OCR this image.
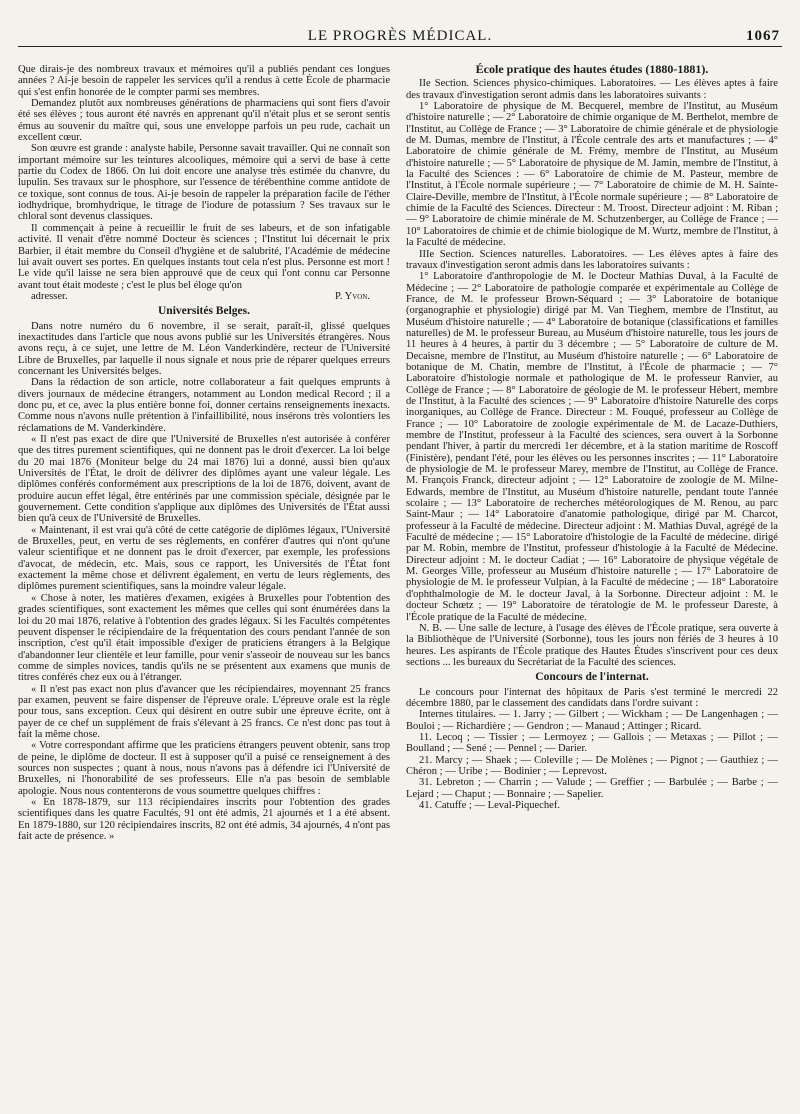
LE PROGRÈS MÉDICAL.	1067

Que dirais-je des nombreux travaux et mémoires qu'il a publiés pendant ces longues années ? Ai-je besoin de rappeler les services qu'il a rendus à cette École de pharmacie qui s'est enfin honorée de le compter parmi ses membres.

Demandez plutôt aux nombreuses générations de pharmaciens qui sont fiers d'avoir été ses élèves ; tous auront été navrés en apprenant qu'il n'était plus et se seront sentis émus au souvenir du maître qui, sous une enveloppe parfois un peu rude, cachait un excellent cœur.

Son œuvre est grande : analyste habile, Personne savait travailler. Qui ne connaît son important mémoire sur les teintures alcooliques, mémoire qui a servi de base à cette partie du Codex de 1866. On lui doit encore une analyse très estimée du chanvre, du lupulin. Ses travaux sur le phosphore, sur l'essence de térébenthine comme antidote de ce toxique, sont connus de tous. Ai-je besoin de rappeler la préparation facile de l'éther iodhydrique, bromhydrique, le titrage de l'iodure de potassium ? Ses travaux sur le chloral sont devenus classiques.

Il commençait à peine à recueillir le fruit de ses labeurs, et de son infatigable activité. Il venait d'être nommé Docteur ès sciences ; l'Institut lui décernait le prix Barbier, il était membre du Conseil d'hygiène et de salubrité, l'Académie de médecine lui avait ouvert ses portes. En quelques instants tout cela n'est plus. Personne est mort ! Le vide qu'il laisse ne sera bien approuvé que de ceux qui l'ont connu car Personne avant tout était modeste ; c'est le plus bel éloge qu'on

adresser.	P. Yvon.
Universités Belges.

Dans notre numéro du 6 novembre, il se serait, paraît-il, glissé quelques inexactitudes dans l'article que nous avons publié sur les Universités étrangères. Nous avons reçu, à ce sujet, une lettre de M. Léon Vanderkindère, recteur de l'Université Libre de Bruxelles, par laquelle il nous signale et nous prie de réparer quelques erreurs concernant les Universités belges.

Dans la rédaction de son article, notre collaborateur a fait quelques emprunts à divers journaux de médecine étrangers, notamment au London medical Record ; il a donc pu, et ce, avec la plus entière bonne foi, donner certains renseignements inexacts. Comme nous n'avons nulle prétention à l'infaillibilité, nous insérons très volontiers les réclamations de M. Vanderkindère.

« Il n'est pas exact de dire que l'Université de Bruxelles n'est autorisée à conférer que des titres purement scientifiques, qui ne donnent pas le droit d'exercer. La loi belge du 20 mai 1876 (Moniteur belge du 24 mai 1876) lui a donné, aussi bien qu'aux Universités de l'État, le droit de délivrer des diplômes ayant une valeur légale. Les diplômes conférés conformément aux prescriptions de la loi de 1876, doivent, avant de produire aucun effet légal, être entérinés par une commission spéciale, désignée par le gouvernement. Cette condition s'applique aux diplômes des Universités de l'État aussi bien qu'à ceux de l'Université de Bruxelles.

« Maintenant, il est vrai qu'à côté de cette catégorie de diplômes légaux, l'Université de Bruxelles, peut, en vertu de ses règlements, en conférer d'autres qui n'ont qu'une valeur scientifique et ne donnent pas le droit d'exercer, par exemple, les professions d'avocat, de médecin, etc. Mais, sous ce rapport, les Universités de l'État font exactement la même chose et délivrent également, en vertu de leurs règlements, des diplômes purement scientifiques, sans la moindre valeur légale.

« Chose à noter, les matières d'examen, exigées à Bruxelles pour l'obtention des grades scientifiques, sont exactement les mêmes que celles qui sont énumérées dans la loi du 20 mai 1876, relative à l'obtention des grades légaux. Si les Facultés compétentes peuvent dispenser le récipiendaire de la fréquentation des cours pendant l'année de son inscription, c'est qu'il était impossible d'exiger de praticiens étrangers à la Belgique d'abandonner leur clientèle et leur famille, pour venir s'asseoir de nouveau sur les bancs comme de simples novices, tandis qu'ils ne se présentent aux examens que munis de titres conférés chez eux ou à l'étranger.

« Il n'est pas exact non plus d'avancer que les récipiendaires, moyennant 25 francs par examen, peuvent se faire dispenser de l'épreuve orale. L'épreuve orale est la règle pour tous, sans exception. Ceux qui désirent en outre subir une épreuve écrite, ont à payer de ce chef un supplément de frais s'élevant à 25 francs. Ce n'est donc pas tout à fait la même chose.

« Votre correspondant affirme que les praticiens étrangers peuvent obtenir, sans trop de peine, le diplôme de docteur. Il est à supposer qu'il a puisé ce renseignement à des sources non suspectes ; quant à nous, nous n'avons pas à défendre ici l'Université de Bruxelles, ni l'honorabilité de ses professeurs. Elle n'a pas besoin de semblable apologie. Nous nous contenterons de vous soumettre quelques chiffres :

« En 1878-1879, sur 113 récipiendaires inscrits pour l'obtention des grades scientifiques dans les quatre Facultés, 91 ont été admis, 21 ajournés et 1 a été absent. En 1879-1880, sur 120 récipiendaires inscrits, 82 ont été admis, 34 ajournés, 4 n'ont pas fait acte de présence. »

École pratique des hautes études (1880-1881).

IIe Section. Sciences physico-chimiques. Laboratoires. — Les élèves aptes à faire des travaux d'investigation seront admis dans les laboratoires suivants :

1° Laboratoire de physique de M. Becquerel, membre de l'Institut, au Muséum d'histoire naturelle ; — 2° Laboratoire de chimie organique de M. Berthelot, membre de l'Institut, au Collège de France ; — 3° Laboratoire de chimie générale et de physiologie de M. Dumas, membre de l'Institut, à l'École centrale des arts et manufactures ; — 4° Laboratoire de chimie générale de M. Frémy, membre de l'Institut, au Muséum d'histoire naturelle ; — 5° Laboratoire de physique de M. Jamin, membre de l'Institut, à la Faculté des Sciences : — 6° Laboratoire de chimie de M. Pasteur, membre de l'Institut, à l'École normale supérieure ; — 7° Laboratoire de chimie de M. H. Sainte-Claire-Deville, membre de l'Institut, à l'École normale supérieure ; — 8° Laboratoire de chimie de la Faculté des Sciences. Directeur : M. Troost. Directeur adjoint : M. Riban ; — 9° Laboratoire de chimie minérale de M. Schutzenberger, au Collège de France ; — 10° Laboratoires de chimie et de chimie biologique de M. Wurtz, membre de l'Institut, à la Faculté de médecine.

IIIe Section. Sciences naturelles. Laboratoires. — Les élèves aptes à faire des travaux d'investigation seront admis dans les laboratoires suivants :

1° Laboratoire d'anthropologie de M. le Docteur Mathias Duval, à la Faculté de Médecine ; — 2° Laboratoire de pathologie comparée et expérimentale au Collège de France, de M. le professeur Brown-Séquard ; — 3° Laboratoire de botanique (organographie et physiologie) dirigé par M. Van Tieghem, membre de l'Institut, au Muséum d'histoire naturelle ; — 4° Laboratoire de botanique (classifications et familles naturelles) de M. le professeur Bureau, au Muséum d'histoire naturelle, tous les jours de 11 heures à 4 heures, à partir du 3 décembre ; — 5° Laboratoire de culture de M. Decaisne, membre de l'Institut, au Muséum d'histoire naturelle ; — 6° Laboratoire de botanique de M. Chatin, membre de l'Institut, à l'École de pharmacie ; — 7° Laboratoire d'histologie normale et pathologique de M. le professeur Ranvier, au Collège de France ; — 8° Laboratoire de géologie de M. le professeur Hébert, membre de l'Institut, à la Faculté des sciences ; — 9° Laboratoire d'histoire Naturelle des corps inorganiques, au Collège de France. Directeur : M. Fouqué, professeur au Collège de France ; — 10° Laboratoire de zoologie expérimentale de M. de Lacaze-Duthiers, membre de l'Institut, professeur à la Faculté des sciences, sera ouvert à la Sorbonne pendant l'hiver, à partir du mercredi 1er décembre, et à la station maritime de Roscoff (Finistère), pendant l'été, pour les élèves ou les personnes inscrites ; — 11° Laboratoire de physiologie de M. le professeur Marey, membre de l'Institut, au Collège de France. M. François Franck, directeur adjoint ; — 12° Laboratoire de zoologie de M. Milne-Edwards, membre de l'Institut, au Muséum d'histoire naturelle, pendant toute l'année scolaire ; — 13° Laboratoire de recherches météorologiques de M. Renou, au parc Saint-Maur ; — 14° Laboratoire d'anatomie pathologique, dirigé par M. Charcot, professeur à la Faculté de médecine. Directeur adjoint : M. Mathias Duval, agrégé de la Faculté de médecine ; — 15° Laboratoire d'histologie de la Faculté de médecine. dirigé par M. Robin, membre de l'Institut, professeur d'histologie à la Faculté de Médecine. Directeur adjoint : M. le docteur Cadiat ; — 16° Laboratoire de physique végétale de M. Georges Ville, professeur au Muséum d'histoire naturelle ; — 17° Laboratoire de physiologie de M. le professeur Vulpian, à la Faculté de médecine ; — 18° Laboratoire d'ophthalmologie de M. le docteur Javal, à la Sorbonne. Directeur adjoint : M. le docteur Schœtz ; — 19° Laboratoire de tératologie de M. le professeur Dareste, à l'École pratique de la Faculté de médecine.

N. B. — Une salle de lecture, à l'usage des élèves de l'École pratique, sera ouverte à la Bibliothèque de l'Université (Sorbonne), tous les jours non fériés de 3 heures à 10 heures. Les aspirants de l'École pratique des Hautes Études s'inscrivent pour ces deux sections ... les bureaux du Secrétariat de la Faculté des sciences.

Concours de l'internat.

Le concours pour l'internat des hôpitaux de Paris s'est terminé le mercredi 22 décembre 1880, par le classement des candidats dans l'ordre suivant :

Internes titulaires. — 1. Jarry ; — Gilbert ; — Wickham ; — De Langenhagen ; — Bouloi ; — Richardière ; — Gendron ; — Manaud ; Attinger ; Ricard.

11. Lecoq ; — Tissier ; — Lermoyez ; — Gallois ; — Metaxas ; — Pillot ; — Boulland ; — Sené ; — Pennel ; — Darier.

21. Marcy ; — Shaek ; — Coleville ; — De Molènes ; — Pignot ; — Gauthiez ; — Chéron ; — Uribe ; — Bodinier ; — Leprevost.

31. Lebreton ; — Charrin ; — Valude ; — Greffier ; — Barbulée ; — Barbe ; — Lejard ; — Chaput ; — Bonnaire ; — Sapelier.

41. Catuffe ; — Leval-Piquechef.
